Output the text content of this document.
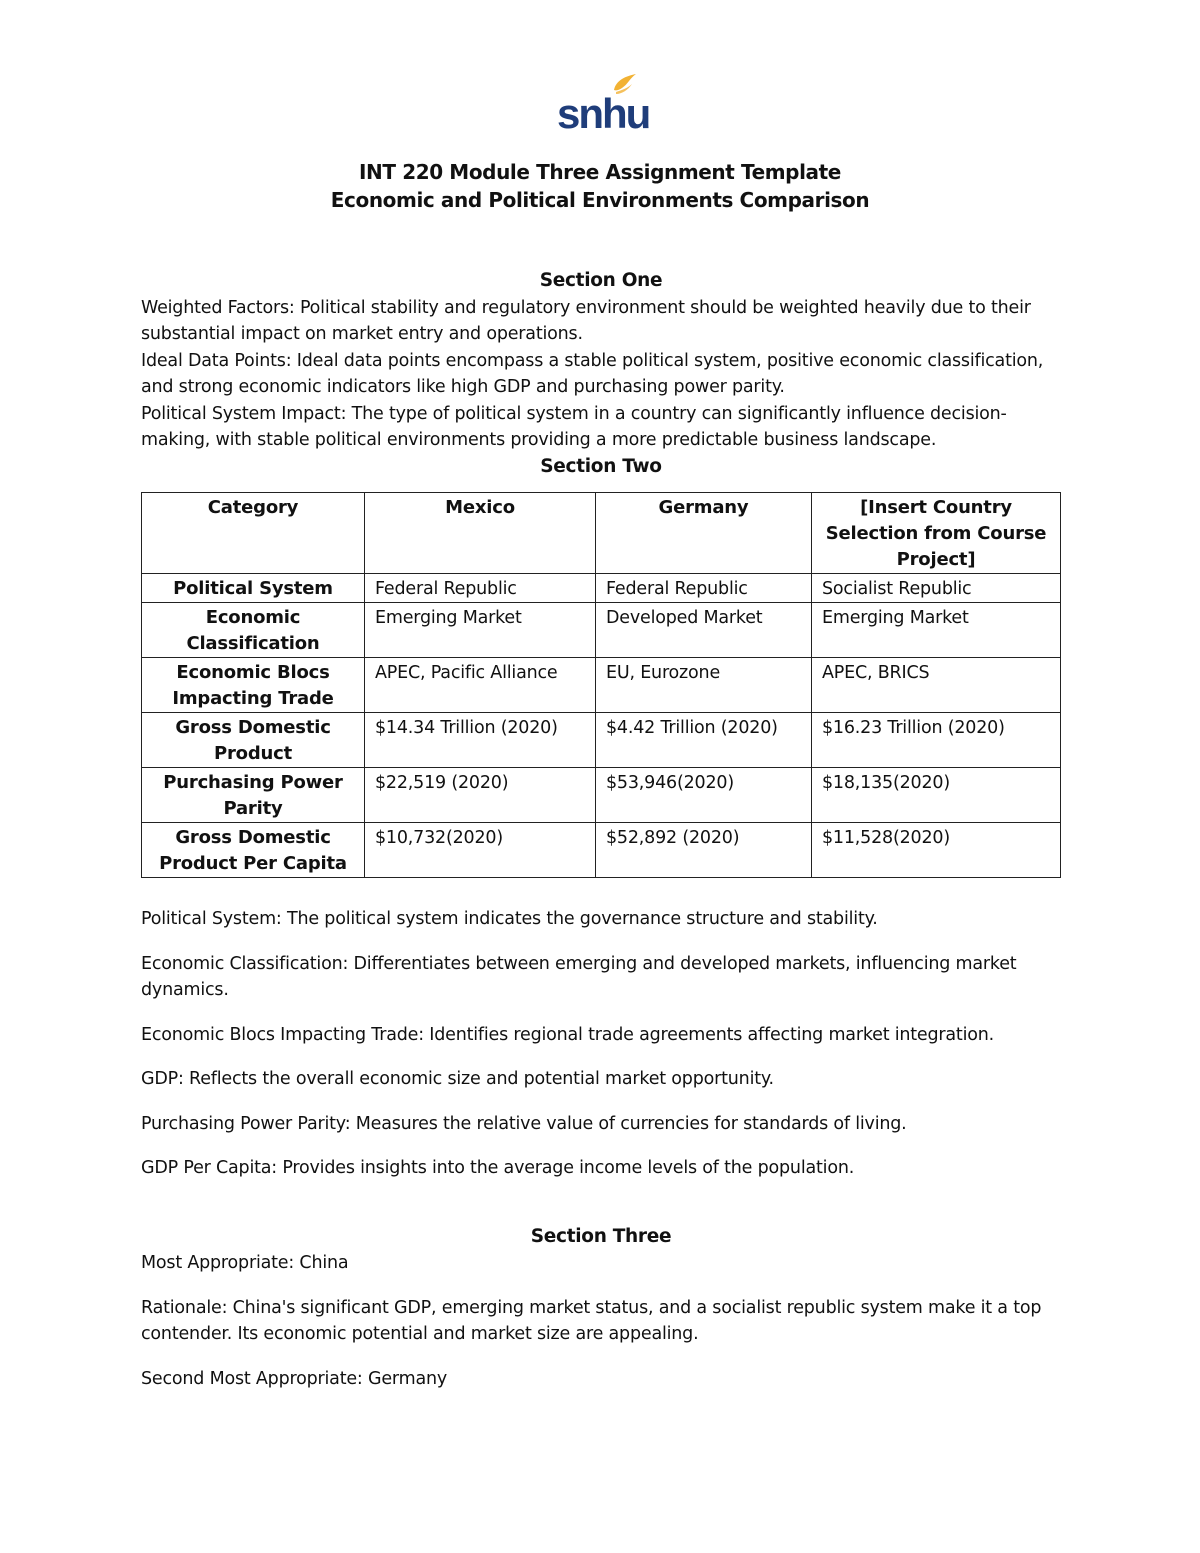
snhu
INT 220 Module Three Assignment Template
Economic and Political Environments Comparison

Section One

Weighted Factors: Political stability and regulatory environment should be weighted heavily due to their substantial impact on market entry and operations.

Ideal Data Points: Ideal data points encompass a stable political system, positive economic classification, and strong economic indicators like high GDP and purchasing power parity.

Political System Impact: The type of political system in a country can significantly influence decision-making, with stable political environments providing a more predictable business landscape.

Section Two

Category	Mexico	Germany	[Insert Country Selection from Course Project]
Political System	Federal Republic	Federal Republic	Socialist Republic
Economic Classification	Emerging Market	Developed Market	Emerging Market
Economic Blocs Impacting Trade	APEC, Pacific Alliance	EU, Eurozone	APEC, BRICS
Gross Domestic Product	$14.34 Trillion (2020)	$4.42 Trillion (2020)	$16.23 Trillion (2020)
Purchasing Power Parity	$22,519 (2020)	$53,946(2020)	$18,135(2020)
Gross Domestic Product Per Capita	$10,732(2020)	$52,892 (2020)	$11,528(2020)

Political System: The political system indicates the governance structure and stability.

Economic Classification: Differentiates between emerging and developed markets, influencing market dynamics.

Economic Blocs Impacting Trade: Identifies regional trade agreements affecting market integration.

GDP: Reflects the overall economic size and potential market opportunity.

Purchasing Power Parity: Measures the relative value of currencies for standards of living.

GDP Per Capita: Provides insights into the average income levels of the population.

Section Three

Most Appropriate: China

Rationale: China's significant GDP, emerging market status, and a socialist republic system make it a top contender. Its economic potential and market size are appealing.

Second Most Appropriate: Germany
